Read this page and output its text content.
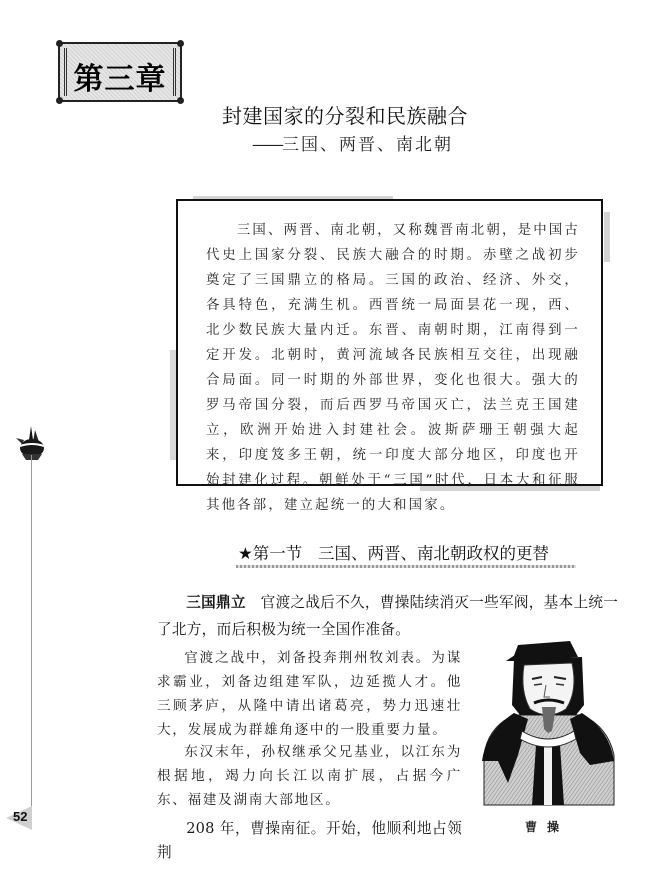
第三章
封建国家的分裂和民族融合
——三国、两晋、南北朝

三国、两晋、南北朝，又称魏晋南北朝，是中国古代史上国家分裂、民族大融合的时期。赤壁之战初步奠定了三国鼎立的格局。三国的政治、经济、外交，各具特色，充满生机。西晋统一局面昙花一现，西、北少数民族大量内迁。东晋、南朝时期，江南得到一定开发。北朝时，黄河流域各民族相互交往，出现融合局面。同一时期的外部世界，变化也很大。强大的罗马帝国分裂，而后西罗马帝国灭亡，法兰克王国建立，欧洲开始进入封建社会。波斯萨珊王朝强大起来，印度笈多王朝，统一印度大部分地区，印度也开始封建化过程。朝鲜处于“三国”时代，日本大和征服其他各部，建立起统一的大和国家。

52
★第一节 三国、两晋、南北朝政权的更替

三国鼎立　 官渡之战后不久，曹操陆续消灭一些军阀，基本上统一了北方，而后积极为统一全国作准备。

官渡之战中，刘备投奔荆州牧刘表。为谋求霸业，刘备边组建军队，边延揽人才。他三顾茅庐，从隆中请出诸葛亮，势力迅速壮大，发展成为群雄角逐中的一股重要力量。

东汉末年，孙权继承父兄基业，以江东为根据地，竭力向长江以南扩展，占据今广东、福建及湖南大部地区。

208 年，曹操南征。开始，他顺利地占领荆

曹操
